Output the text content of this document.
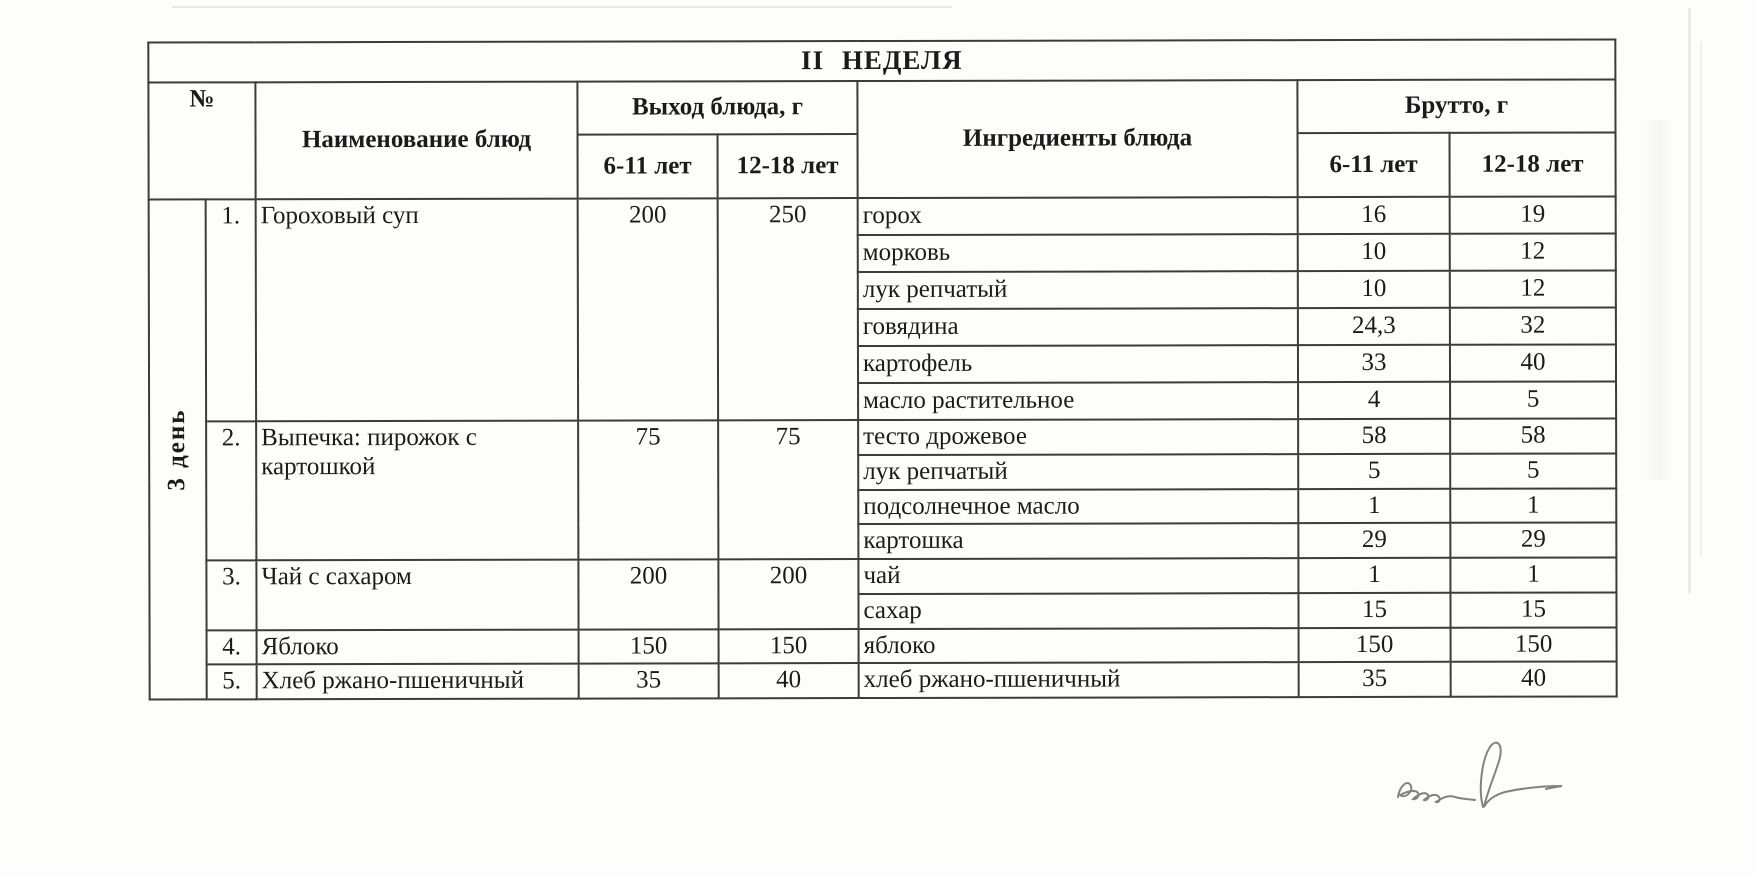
II НЕДЕЛЯ							
№		Наименование блюд	Выход блюда, г		Ингредиенты блюда	Брутто, г	
			6-11 лет	12-18 лет		6-11 лет	12-18 лет

3 день	1.	Гороховый суп	200	250	горох	16	19
					морковь	10	12
					лук репчатый	10	12
					говядина	24,3	32
					картофель	33	40
					масло растительное	4	5
	2.	Выпечка: пирожок с картошкой	75	75	тесто дрожевое	58	58
					лук репчатый	5	5
					подсолнечное масло	1	1
					картошка	29	29
	3.	Чай с сахаром	200	200	чай	1	1
					сахар	15	15
	4.	Яблоко	150	150	яблоко	150	150
	5.	Хлеб ржано-пшеничный	35	40	хлеб ржано-пшеничный	35	40
